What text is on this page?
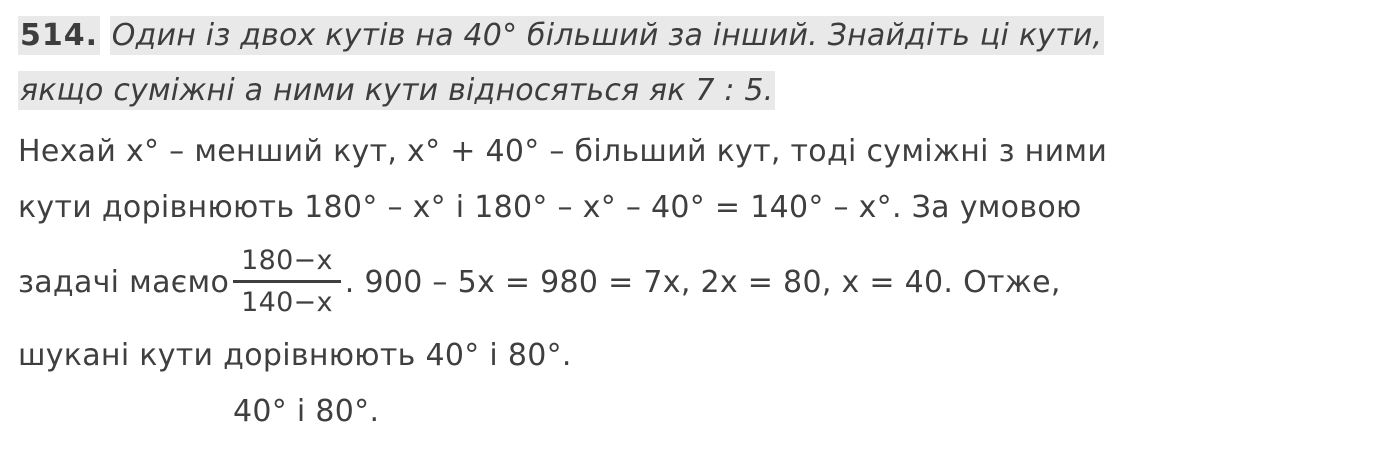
514. Один із двох кутів на 40° більший за інший. Знайдіть ці кути,
якщо суміжні а ними кути відносяться як 7 : 5.
Нехай x° – менший кут, x° + 40° – більший кут, тоді суміжні з ними
кути дорівнюють 180° – x° і 180° – x° – 40° = 140° – x°. За умовою
задачі маємо $\frac{180-x}{140-x}$ . 900 – 5x = 980 = 7x, 2x = 80, x = 40. Отже,
шукані кути дорівнюють 40° і 80°.
40° і 80°.
